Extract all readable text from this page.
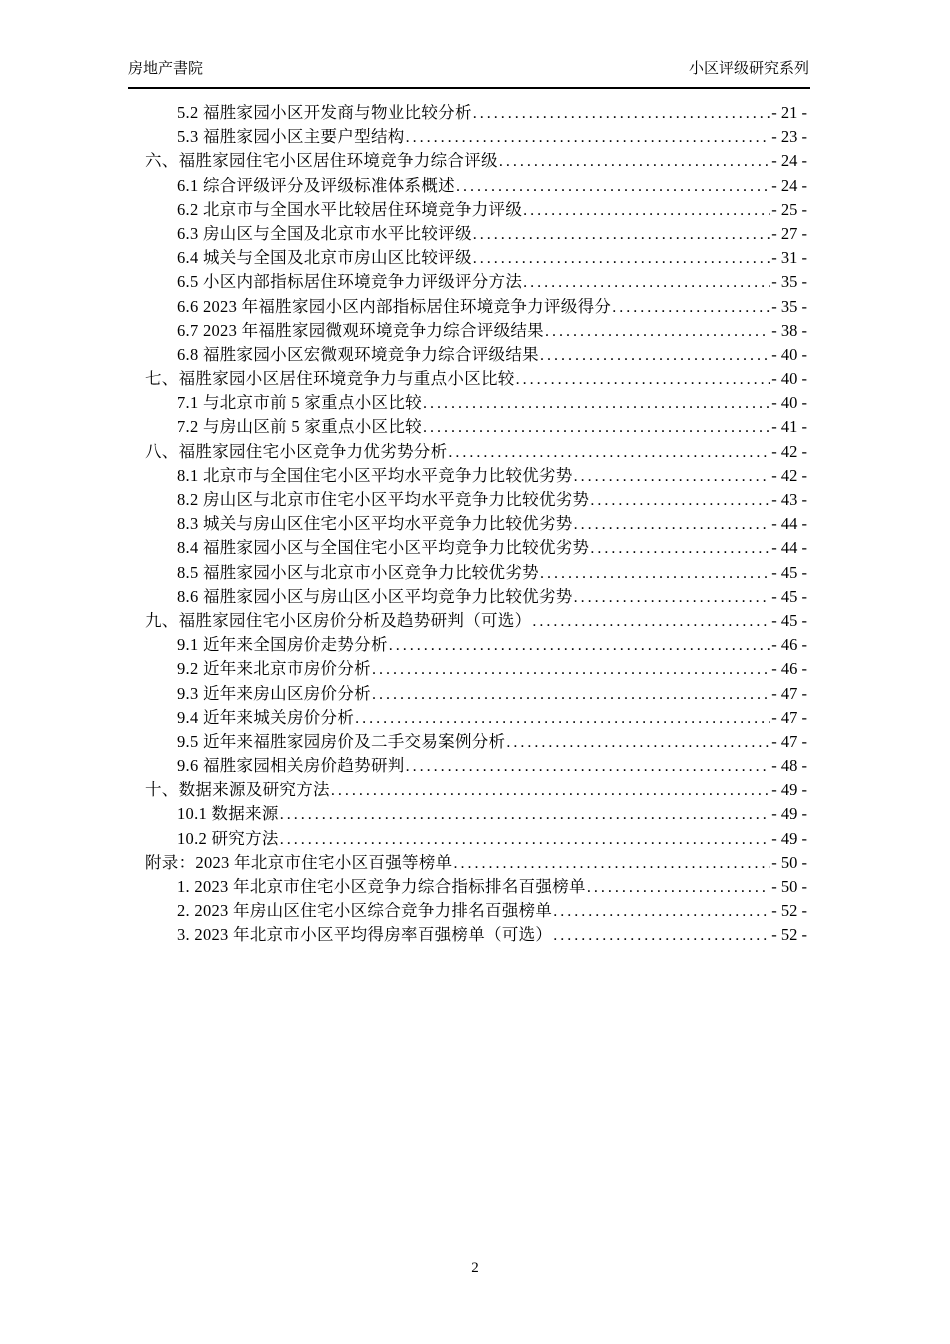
房地产書院	小区评级研究系列
5.2 福胜家园小区开发商与物业比较分析 .....	- 21 -
5.3 福胜家园小区主要户型结构 .....	- 23 -
六、福胜家园住宅小区居住环境竞争力综合评级 .....	- 24 -
6.1 综合评级评分及评级标准体系概述 .....	- 24 -
6.2 北京市与全国水平比较居住环境竞争力评级 .....	- 25 -
6.3 房山区与全国及北京市水平比较评级 .....	- 27 -
6.4 城关与全国及北京市房山区比较评级 .....	- 31 -
6.5 小区内部指标居住环境竞争力评级评分方法 .....	- 35 -
6.6 2023 年福胜家园小区内部指标居住环境竞争力评级得分 .....	- 35 -
6.7 2023 年福胜家园微观环境竞争力综合评级结果 .....	- 38 -
6.8 福胜家园小区宏微观环境竞争力综合评级结果 .....	- 40 -
七、福胜家园小区居住环境竞争力与重点小区比较 .....	- 40 -
7.1 与北京市前 5 家重点小区比较 .....	- 40 -
7.2 与房山区前 5 家重点小区比较 .....	- 41 -
八、福胜家园住宅小区竞争力优劣势分析 .....	- 42 -
8.1 北京市与全国住宅小区平均水平竞争力比较优劣势 .....	- 42 -
8.2 房山区与北京市住宅小区平均水平竞争力比较优劣势 .....	- 43 -
8.3 城关与房山区住宅小区平均水平竞争力比较优劣势 .....	- 44 -
8.4 福胜家园小区与全国住宅小区平均竞争力比较优劣势 .....	- 44 -
8.5 福胜家园小区与北京市小区竞争力比较优劣势 .....	- 45 -
8.6 福胜家园小区与房山区小区平均竞争力比较优劣势 .....	- 45 -
九、福胜家园住宅小区房价分析及趋势研判（可选） .....	- 45 -
9.1 近年来全国房价走势分析 .....	- 46 -
9.2 近年来北京市房价分析 .....	- 46 -
9.3 近年来房山区房价分析 .....	- 47 -
9.4 近年来城关房价分析 .....	- 47 -
9.5 近年来福胜家园房价及二手交易案例分析 .....	- 47 -
9.6 福胜家园相关房价趋势研判 .....	- 48 -
十、数据来源及研究方法 .....	- 49 -
10.1 数据来源 .....	- 49 -
10.2 研究方法 .....	- 49 -
附录：2023 年北京市住宅小区百强等榜单 .....	- 50 -
1. 2023 年北京市住宅小区竞争力综合指标排名百强榜单 .....	- 50 -
2. 2023 年房山区住宅小区综合竞争力排名百强榜单 .....	- 52 -
3. 2023 年北京市小区平均得房率百强榜单（可选） .....	- 52 -
2
